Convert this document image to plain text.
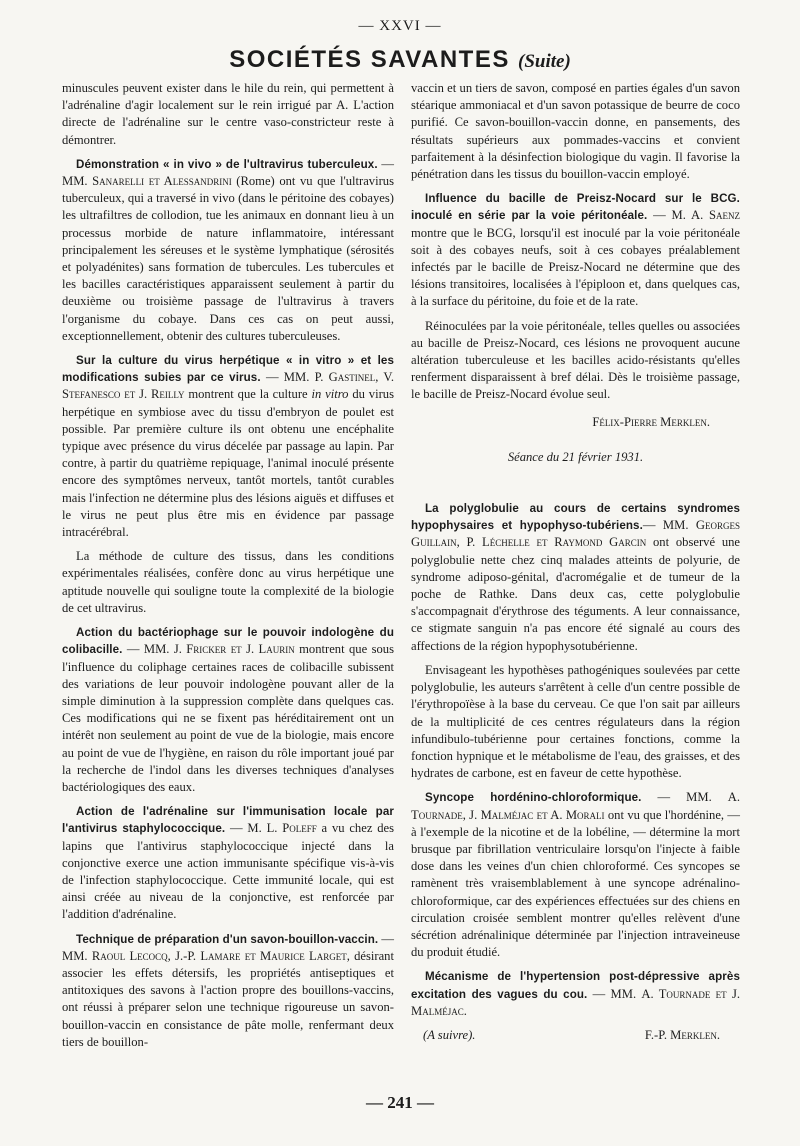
— XXVI —
SOCIÉTÉS SAVANTES (Suite)

minuscules peuvent exister dans le hile du rein, qui permettent à l'adrénaline d'agir localement sur le rein irrigué par A. L'action directe de l'adrénaline sur le centre vaso-constricteur reste à démontrer.

Démonstration « in vivo » de l'ultravirus tuberculeux. — MM. Sanarelli et Alessandrini (Rome) ont vu que l'ultravirus tuberculeux, qui a traversé in vivo (dans le péritoine des cobayes) les ultrafiltres de collodion, tue les animaux en donnant lieu à un processus morbide de nature inflammatoire, intéressant principalement les séreuses et le système lymphatique (sérosités et polyadénites) sans formation de tubercules. Les tubercules et les bacilles caractéristiques apparaissent seulement à partir du deuxième ou troisième passage de l'ultravirus à travers l'organisme du cobaye. Dans ces cas on peut aussi, exceptionnellement, obtenir des cultures tuberculeuses.

Sur la culture du virus herpétique « in vitro » et les modifications subies par ce virus. — MM. P. Gastinel, V. Stefanesco et J. Reilly montrent que la culture in vitro du virus herpétique en symbiose avec du tissu d'embryon de poulet est possible. Par première culture ils ont obtenu une encéphalite typique avec présence du virus décelée par passage au lapin. Par contre, à partir du quatrième repiquage, l'animal inoculé présente encore des symptômes nerveux, tantôt mortels, tantôt curables mais l'infection ne détermine plus des lésions aiguës et diffuses et le virus ne peut plus être mis en évidence par passage intracérébral.

La méthode de culture des tissus, dans les conditions expérimentales réalisées, confère donc au virus herpétique une aptitude nouvelle qui souligne toute la complexité de la biologie de cet ultravirus.

Action du bactériophage sur le pouvoir indologène du colibacille. — MM. J. Fricker et J. Laurin montrent que sous l'influence du coliphage certaines races de colibacille subissent des variations de leur pouvoir indologène pouvant aller de la simple diminution à la suppression complète dans quelques cas. Ces modifications qui ne se fixent pas héréditairement ont un intérêt non seulement au point de vue de la biologie, mais encore au point de vue de l'hygiène, en raison du rôle important joué par la recherche de l'indol dans les diverses techniques d'analyses bactériologiques des eaux.

Action de l'adrénaline sur l'immunisation locale par l'antivirus staphylococcique. — M. L. Poleff a vu chez des lapins que l'antivirus staphylococcique injecté dans la conjonctive exerce une action immunisante spécifique vis-à-vis de l'infection staphylococcique. Cette immunité locale, qui est ainsi créée au niveau de la conjonctive, est renforcée par l'addition d'adrénaline.

Technique de préparation d'un savon-bouillon-vaccin. — MM. Raoul Lecocq, J.-P. Lamare et Maurice Larget, désirant associer les effets détersifs, les propriétés antiseptiques et antitoxiques des savons à l'action propre des bouillons-vaccins, ont réussi à préparer selon une technique rigoureuse un savon-bouillon-vaccin en consistance de pâte molle, renfermant deux tiers de bouillon-

vaccin et un tiers de savon, composé en parties égales d'un savon stéarique ammoniacal et d'un savon potassique de beurre de coco purifié. Ce savon-bouillon-vaccin donne, en pansements, des résultats supérieurs aux pommades-vaccins et convient parfaitement à la désinfection biologique du vagin. Il favorise la pénétration dans les tissus du bouillon-vaccin employé.

Influence du bacille de Preisz-Nocard sur le BCG. inoculé en série par la voie péritonéale. — M. A. Saenz montre que le BCG, lorsqu'il est inoculé par la voie péritonéale soit à des cobayes neufs, soit à ces cobayes préalablement infectés par le bacille de Preisz-Nocard ne détermine que des lésions transitoires, localisées à l'épiploon et, dans quelques cas, à la surface du péritoine, du foie et de la rate.

Réinoculées par la voie péritonéale, telles quelles ou associées au bacille de Preisz-Nocard, ces lésions ne provoquent aucune altération tuberculeuse et les bacilles acido-résistants qu'elles renferment disparaissent à bref délai. Dès le troisième passage, le bacille de Preisz-Nocard évolue seul.

Félix-Pierre Merklen.
Séance du 21 février 1931.

La polyglobulie au cours de certains syndromes hypophysaires et hypophyso-tubériens.— MM. Georges Guillain, P. Léchelle et Raymond Garcin ont observé une polyglobulie nette chez cinq malades atteints de polyurie, de syndrome adiposo-génital, d'acromégalie et de tumeur de la poche de Rathke. Dans deux cas, cette polyglobulie s'accompagnait d'érythrose des téguments. A leur connaissance, ce stigmate sanguin n'a pas encore été signalé au cours des affections de la région hypophysotubérienne.

Envisageant les hypothèses pathogéniques soulevées par cette polyglobulie, les auteurs s'arrêtent à celle d'un centre possible de l'érythropoïèse à la base du cerveau. Ce que l'on sait par ailleurs de la multiplicité de ces centres régulateurs dans la région infundibulo-tubérienne pour certaines fonctions, comme la fonction hypnique et le métabolisme de l'eau, des graisses, et des hydrates de carbone, est en faveur de cette hypothèse.

Syncope hordénino-chloroformique. — MM. A. Tournade, J. Malméjac et A. Morali ont vu que l'hordénine, — à l'exemple de la nicotine et de la lobéline, — détermine la mort brusque par fibrillation ventriculaire lorsqu'on l'injecte à faible dose dans les veines d'un chien chloroformé. Ces syncopes se ramènent très vraisemblablement à une syncope adrénalino-chloroformique, car des expériences effectuées sur des chiens en circulation croisée semblent montrer qu'elles relèvent d'une sécrétion adrénalinique déterminée par l'injection intraveineuse du produit étudié.

Mécanisme de l'hypertension post-dépressive après excitation des vagues du cou. — MM. A. Tournade et J. Malméjac.

(A suivre).	F.-P. Merklen.
— 241 —
